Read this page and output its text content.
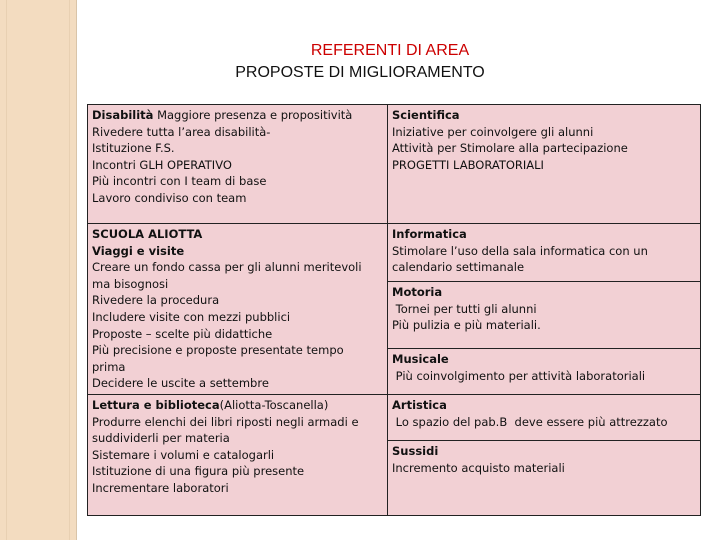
REFERENTI DI AREA
PROPOSTE DI MIGLIORAMENTO
Disabilità Maggiore presenza e propositività
Rivedere tutta l’area disabilità-
Istituzione F.S.
Incontri GLH OPERATIVO
Più incontri con I team di base
Lavoro condiviso con team
SCUOLA ALIOTTA
Viaggi e visite
Creare un fondo cassa per gli alunni meritevoli
ma bisognosi
Rivedere la procedura
Includere visite con mezzi pubblici
Proposte – scelte più didattiche
Più precisione e proposte presentate tempo
prima
Decidere le uscite a settembre
Lettura e biblioteca(Aliotta-Toscanella)
Produrre elenchi dei libri riposti negli armadi e
suddividerli per materia
Sistemare i volumi e catalogarli
Istituzione di una figura più presente
Incrementare laboratori
Scientifica
Iniziative per coinvolgere gli alunni
Attività per Stimolare alla partecipazione
PROGETTI LABORATORIALI
Informatica
Stimolare l’uso della sala informatica con un
calendario settimanale
Motoria
Tornei per tutti gli alunni
Più pulizia e più materiali.
Musicale
Più coinvolgimento per attività laboratoriali
Artistica
Lo spazio del pab.B  deve essere più attrezzato
Sussidi
Incremento acquisto materiali
